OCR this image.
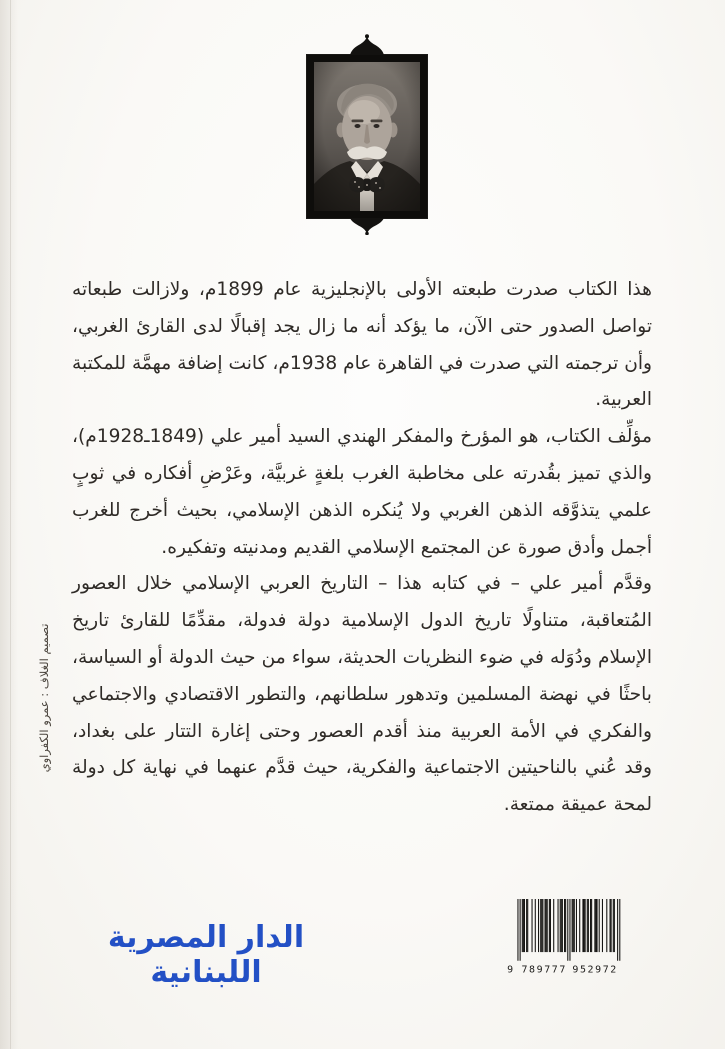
هذا الكتاب صدرت طبعته الأولى بالإنجليزية عام 1899م، ولازالت طبعاته تواصل الصدور حتى الآن، ما يؤكد أنه ما زال يجد إقبالًا لدى القارئ الغربي، وأن ترجمته التي صدرت في القاهرة عام 1938م، كانت إضافة مهمَّة للمكتبة العربية.

مؤلِّف الكتاب، هو المؤرخ والمفكر الهندي السيد أمير علي (1849ـ1928م)، والذي تميز بقُدرته على مخاطبة الغرب بلغةٍ غربيَّة، وعَرْضِ أفكاره في ثوبٍ علمي يتذوَّقه الذهن الغربي ولا يُنكره الذهن الإسلامي، بحيث أخرج للغرب أجمل وأدق صورة عن المجتمع الإسلامي القديم ومدنيته وتفكيره.

وقدَّم أمير علي – في كتابه هذا – التاريخ العربي الإسلامي خلال العصور المُتعاقبة، متناولًا تاريخ الدول الإسلامية دولة فدولة، مقدِّمًا للقارئ تاريخ الإسلام ودُوَله في ضوء النظريات الحديثة، سواء من حيث الدولة أو السياسة، باحثًا في نهضة المسلمين وتدهور سلطانهم، والتطور الاقتصادي والاجتماعي والفكري في الأمة العربية منذ أقدم العصور وحتى إغارة التتار على بغداد، وقد عُني بالناحيتين الاجتماعية والفكرية، حيث قدَّم عنهما في نهاية كل دولة لمحة عميقة ممتعة.

تصميم الغلاف : عمرو الكفراوي
الدار المصرية اللبنانية	9 7 8 9 7 7 7 9 5 2 9 7 2
